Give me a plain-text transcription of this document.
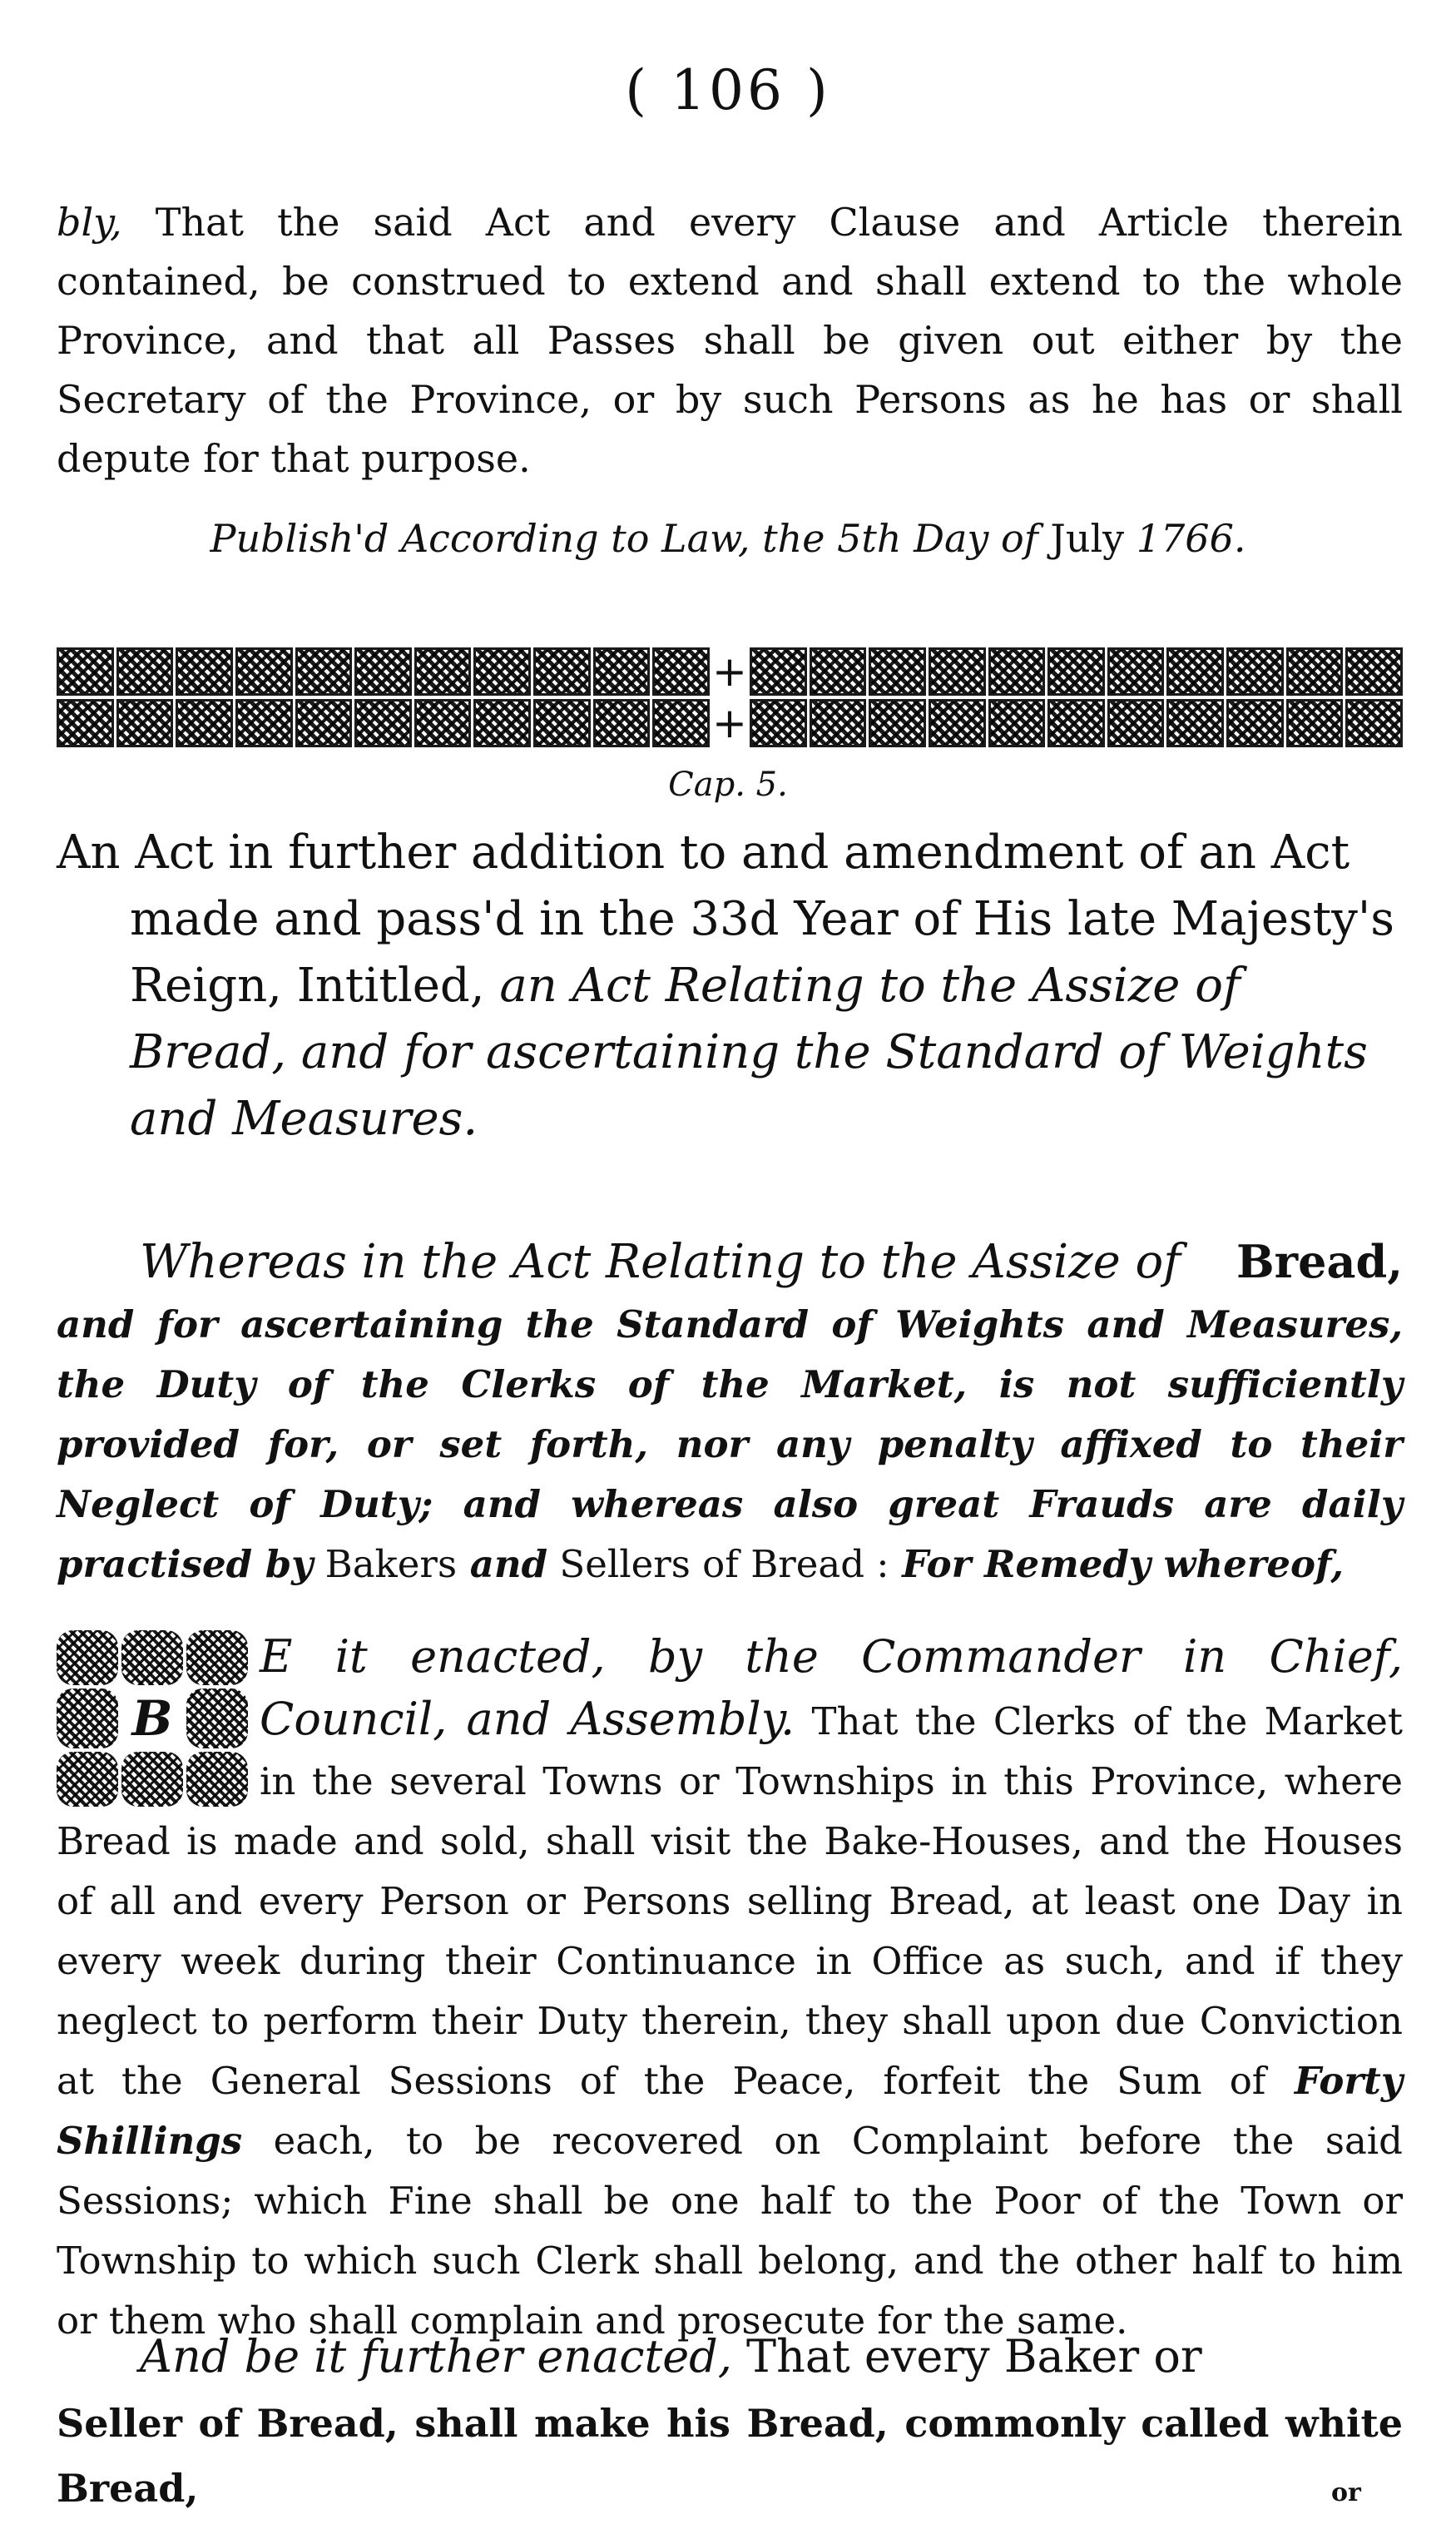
( 106 )
bly, That the said Act and every Clause and Article therein contained, be construed to extend and shall extend to the whole Province, and that all Passes shall be given out either by the Secretary of the Province, or by such Persons as he has or shall depute for that purpose.
Publish'd According to Law, the 5th Day of July 1766.
+
+
Cap. 5.
An Act in further addition to and amendment of an Act made and pass'd in the 33d Year of His late Majesty's Reign, Intitled, an Act Relating to the Assize of Bread, and for ascertaining the Standard of Weights and Measures.
Whereas in the Act Relating to the Assize of Bread, and for ascertaining the Standard of Weights and Measures, the Duty of the Clerks of the Market, is not sufficiently provided for, or set forth, nor any penalty affixed to their Neglect of Duty; and whereas also great Frauds are daily practised by Bakers and Sellers of Bread : For Remedy whereof,
B
E it enacted, by the Commander in Chief, Council, and Assembly. That the Clerks of the Market in the several Towns or Townships in this Province, where Bread is made and sold, shall visit the Bake-Houses, and the Houses of all and every Person or Persons selling Bread, at least one Day in every week during their Continuance in Office as such, and if they neglect to perform their Duty therein, they shall upon due Conviction at the General Sessions of the Peace, forfeit the Sum of Forty Shillings each, to be recovered on Complaint before the said Sessions; which Fine shall be one half to the Poor of the Town or Township to which such Clerk shall belong, and the other half to him or them who shall complain and prosecute for the same.
And be it further enacted, That every Baker or
Seller of Bread, shall make his Bread, commonly called white Bread,	or
